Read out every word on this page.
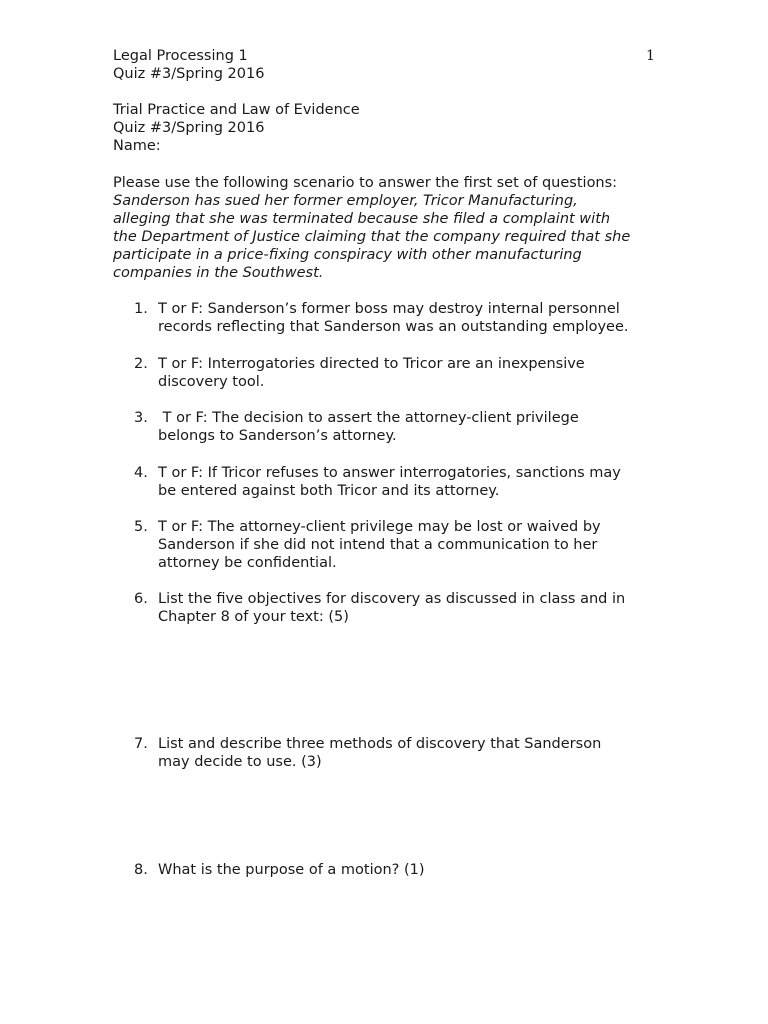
Legal Processing 1
Quiz #3/Spring 2016
1
Trial Practice and Law of Evidence
Quiz #3/Spring 2016
Name:
Please use the following scenario to answer the first set of questions:
Sanderson has sued her former employer, Tricor Manufacturing,
alleging that she was terminated because she filed a complaint with
the Department of Justice claiming that the company required that she
participate in a price-fixing conspiracy with other manufacturing
companies in the Southwest.
1. T or F: Sanderson’s former boss may destroy internal personnel
records reflecting that Sanderson was an outstanding employee.
2. T or F: Interrogatories directed to Tricor are an inexpensive
discovery tool.
3. T or F: The decision to assert the attorney-client privilege
belongs to Sanderson’s attorney.
4. T or F: If Tricor refuses to answer interrogatories, sanctions may
be entered against both Tricor and its attorney.
5. T or F: The attorney-client privilege may be lost or waived by
Sanderson if she did not intend that a communication to her
attorney be confidential.
6. List the five objectives for discovery as discussed in class and in
Chapter 8 of your text: (5)
7. List and describe three methods of discovery that Sanderson
may decide to use. (3)
8. What is the purpose of a motion? (1)
